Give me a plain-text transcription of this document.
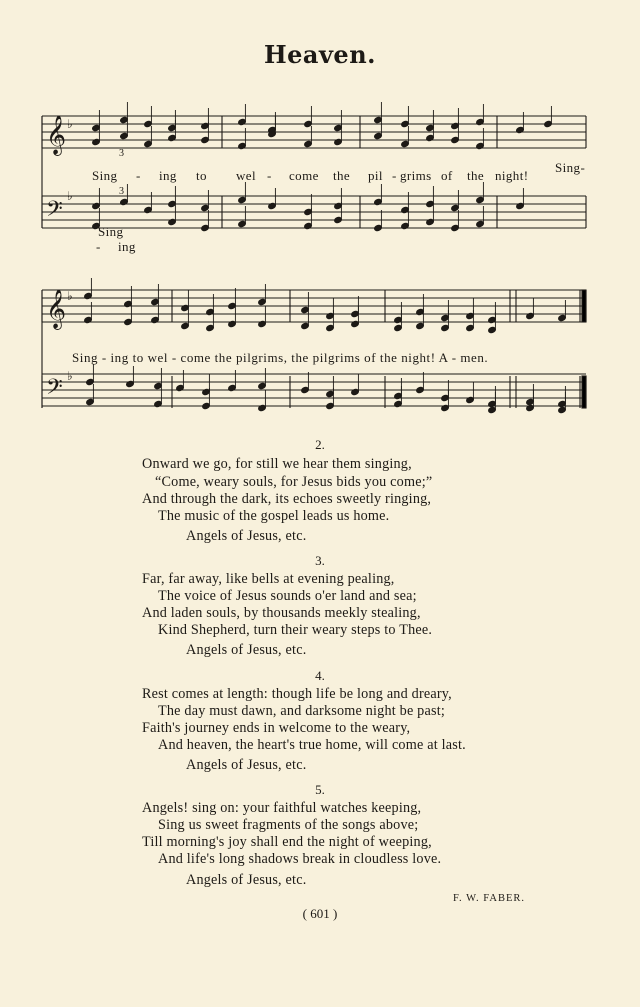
Heaven.
𝄞
𝄞
𝄢
𝄢
♭
♭
♭
♭
Sing - ing to wel - come the pil - grims of the night!
Sing-
3
3
Sing
- ing
Sing - ing to wel - come the pilgrims, the pilgrims of the night! A - men.
2.
Onward we go, for still we hear them singing,
“Come, weary souls, for Jesus bids you come;”
And through the dark, its echoes sweetly ringing,
The music of the gospel leads us home.
Angels of Jesus, etc.
3.
Far, far away, like bells at evening pealing,
The voice of Jesus sounds o'er land and sea;
And laden souls, by thousands meekly stealing,
Kind Shepherd, turn their weary steps to Thee.
Angels of Jesus, etc.
4.
Rest comes at length: though life be long and dreary,
The day must dawn, and darksome night be past;
Faith's journey ends in welcome to the weary,
And heaven, the heart's true home, will come at last.
Angels of Jesus, etc.
5.
Angels! sing on: your faithful watches keeping,
Sing us sweet fragments of the songs above;
Till morning's joy shall end the night of weeping,
And life's long shadows break in cloudless love.
Angels of Jesus, etc.
F. W. FABER.
( 601 )
